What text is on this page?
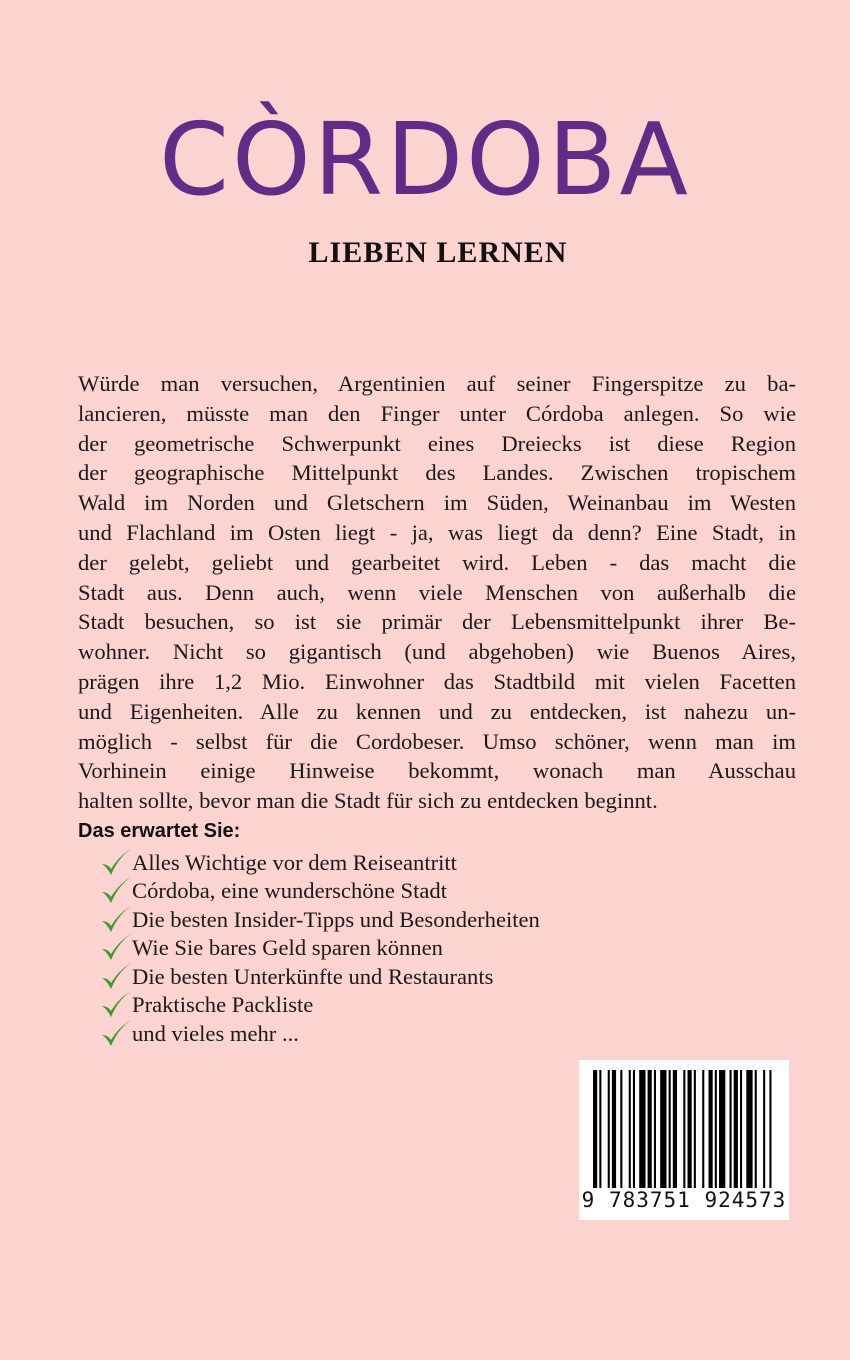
CÒRDOBA
LIEBEN LERNEN

Würde man versuchen, Argentinien auf seiner Fingerspitze zu ba-
lancieren, müsste man den Finger unter Córdoba anlegen. So wie
der geometrische Schwerpunkt eines Dreiecks ist diese Region
der geographische Mittelpunkt des Landes. Zwischen tropischem
Wald im Norden und Gletschern im Süden, Weinanbau im Westen
und Flachland im Osten liegt - ja, was liegt da denn? Eine Stadt, in
der gelebt, geliebt und gearbeitet wird. Leben - das macht die
Stadt aus. Denn auch, wenn viele Menschen von außerhalb die
Stadt besuchen, so ist sie primär der Lebensmittelpunkt ihrer Be-
wohner. Nicht so gigantisch (und abgehoben) wie Buenos Aires,
prägen ihre 1,2 Mio. Einwohner das Stadtbild mit vielen Facetten
und Eigenheiten. Alle zu kennen und zu entdecken, ist nahezu un-
möglich - selbst für die Cordobeser. Umso schöner, wenn man im
Vorhinein einige Hinweise bekommt, wonach man Ausschau
halten sollte, bevor man die Stadt für sich zu entdecken beginnt.

Das erwartet Sie:
Alles Wichtige vor dem Reiseantritt
Córdoba, eine wunderschöne Stadt
Die besten Insider-Tipps und Besonderheiten
Wie Sie bares Geld sparen können
Die besten Unterkünfte und Restaurants
Praktische Packliste
und vieles mehr ...
9 783751 924573
